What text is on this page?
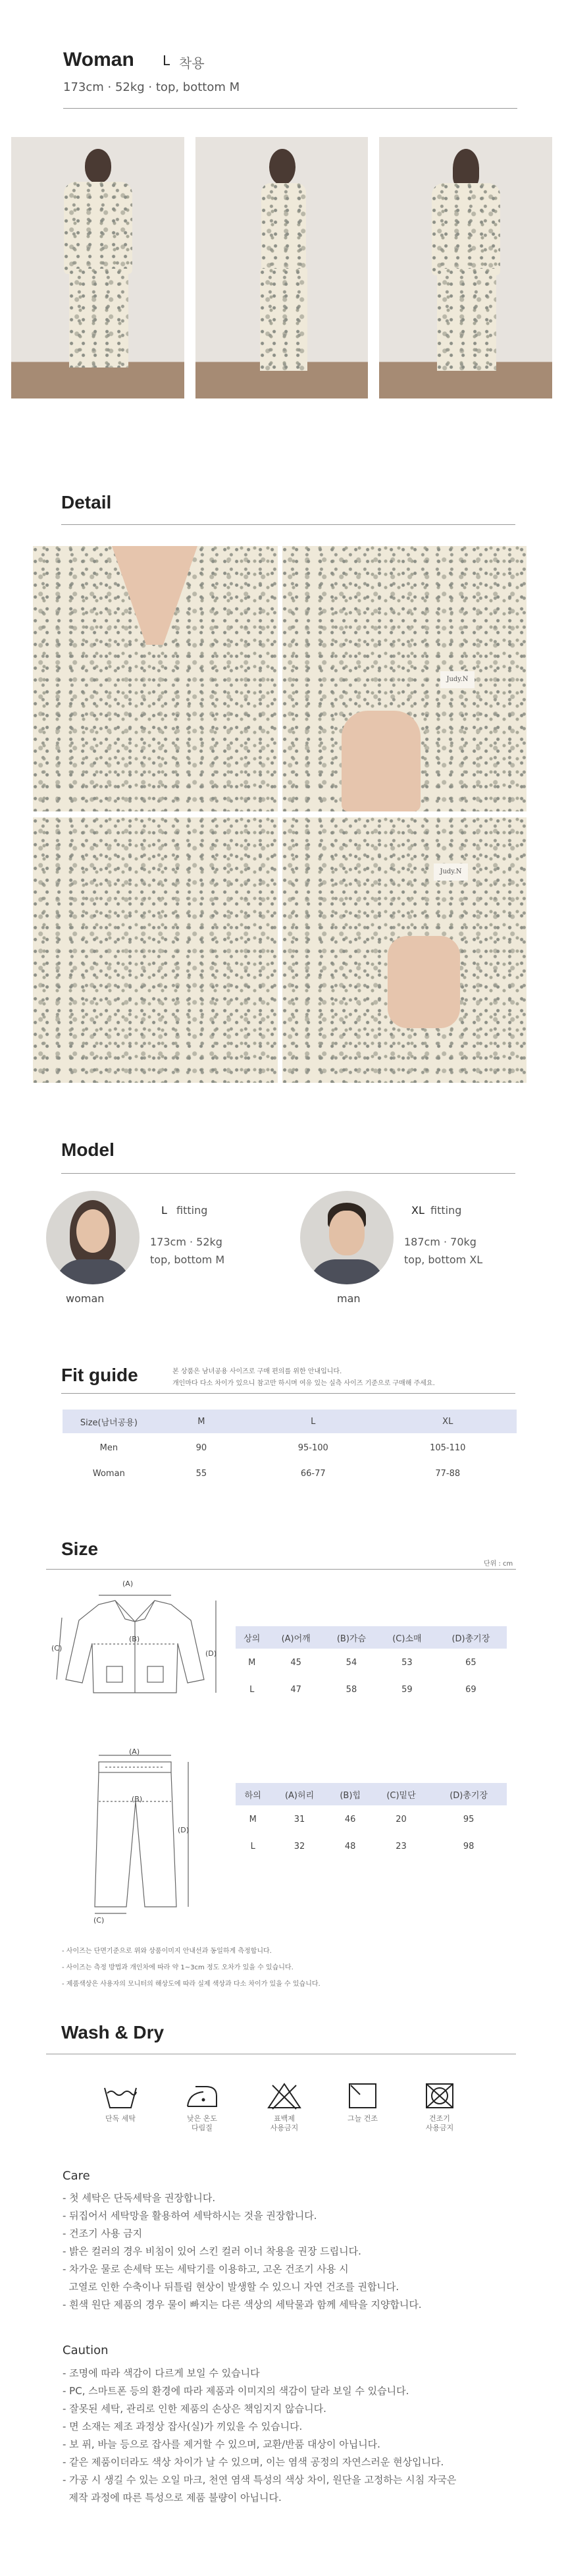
Woman L 착용
173cm · 52kg · top, bottom M
Detail
Judy.N
Judy.N
Model
L fitting
173cm · 52kg
top, bottom M
woman
XL fitting
187cm · 70kg
top, bottom XL
man
Fit guide	본 상품은 남녀공용 사이즈로 구매 편의를 위한 안내입니다.
개인마다 다소 차이가 있으니 참고만 하시며 여유 있는 실측 사이즈 기준으로 구매해 주세요.
Size(남녀공용)	M	L	XL
Men	90	95-100	105-110
Woman	55	66-77	77-88
Size
단위 : cm
(A)
(B)
(C)
(D)
상의	(A)어깨	(B)가슴	(C)소매	(D)총기장
M	45	54	53	65
L	47	58	59	69
(A)
(B)
(C)
(D)
하의	(A)허리	(B)힙	(C)밑단	(D)총기장
M	31	46	20	95
L	32	48	23	98
- 사이즈는 단면기준으로 위와 상품이미지 안내선과 동일하게 측정합니다.
- 사이즈는 측정 방법과 개인차에 따라 약 1~3cm 정도 오차가 있을 수 있습니다.
- 제품색상은 사용자의 모니터의 해상도에 따라 실제 색상과 다소 차이가 있을 수 있습니다.
Wash & Dry
단독 세탁	낮은 온도
다림질
표백제
사용금지
그늘 건조	건조기
사용금지
Care
- 첫 세탁은 단독세탁을 권장합니다.
- 뒤집어서 세탁망을 활용하여 세탁하시는 것을 권장합니다.
- 건조기 사용 금지
- 밝은 컬러의 경우 비침이 있어 스킨 컬러 이너 착용을 권장 드립니다.
- 차가운 물로 손세탁 또는 세탁기를 이용하고, 고온 건조기 사용 시
고열로 인한 수축이나 뒤틀림 현상이 발생할 수 있으니 자연 건조를 권합니다.
- 흰색 원단 제품의 경우 물이 빠지는 다른 색상의 세탁물과 함께 세탁을 지양합니다.
Caution
- 조명에 따라 색감이 다르게 보일 수 있습니다
- PC, 스마트폰 등의 환경에 따라 제품과 이미지의 색감이 달라 보일 수 있습니다.
- 잘못된 세탁, 관리로 인한 제품의 손상은 책임지지 않습니다.
- 면 소재는 제조 과정상 잡사(실)가 끼있을 수 있습니다.
- 보 퓌, 바늘 등으로 잡사를 제거할 수 있으며, 교환/반품 대상이 아닙니다.
- 같은 제품이더라도 색상 차이가 날 수 있으며, 이는 염색 공정의 자연스러운 현상입니다.
- 가공 시 생길 수 있는 오일 마크, 천연 염색 특성의 색상 차이, 원단을 고정하는 시침 자국은
제작 과정에 따른 특성으로 제품 불량이 아닙니다.
